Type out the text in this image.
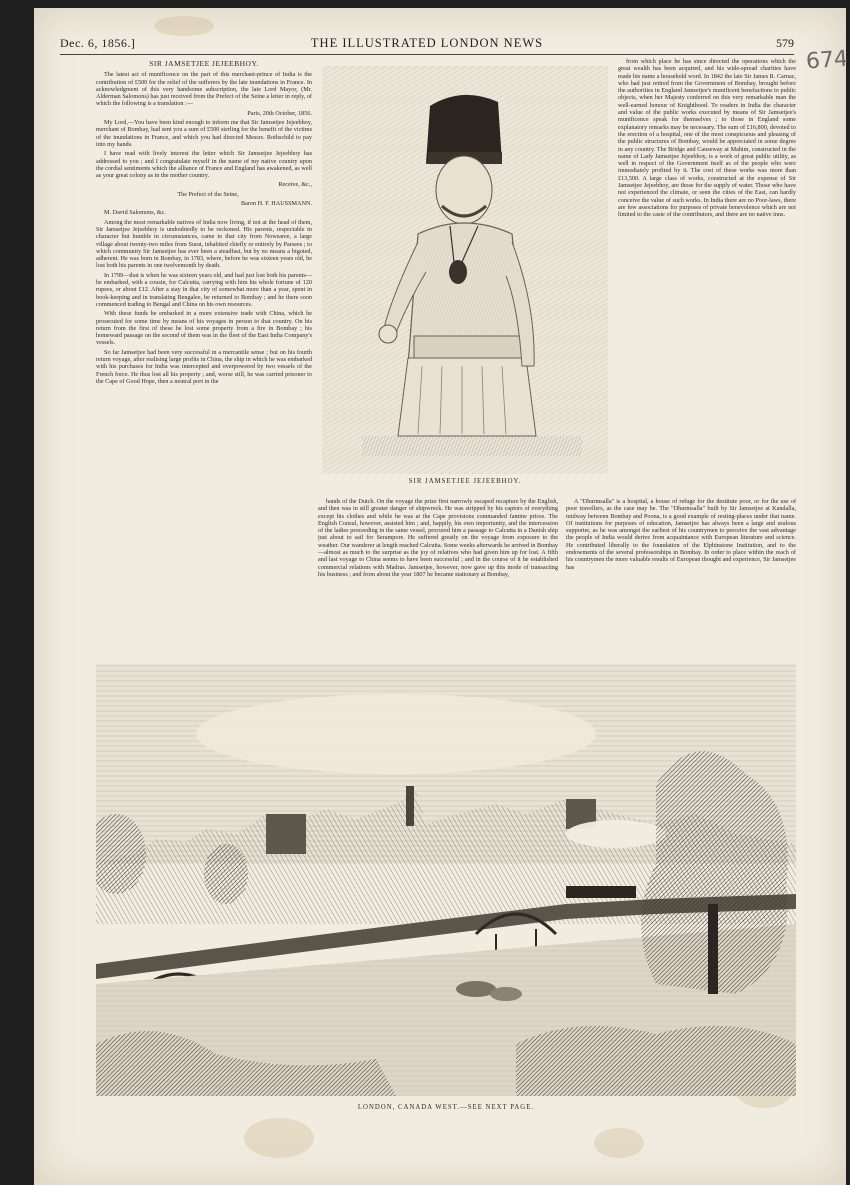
Dec. 6, 1856.]	THE ILLUSTRATED LONDON NEWS	579
674
SIR JAMSETJEE JEJEEBHOY.

The latest act of munificence on the part of this merchant-prince of India is the contribution of £500 for the relief of the sufferers by the late inundations in France. In acknowledgment of this very handsome subscription, the late Lord Mayor, (Mr. Alderman Salomons) has just received from the Prefect of the Seine a letter in reply, of which the following is a translation :—

Paris, 20th October, 1856.

My Lord,—You have been kind enough to inform me that Sir Jamsetjee Jejeebhoy, merchant of Bombay, had sent you a sum of £500 sterling for the benefit of the victims of the inundations in France, and which you had directed Messrs. Rothschild to pay into my hands.

I have read with lively interest the letter which Sir Jamsetjee Jejeebhoy has addressed to you ; and I congratulate myself in the name of my native country upon the cordial sentiments which the alliance of France and England has awakened, as well as your great colony as in the mother country.

Receive, &c.,

The Prefect of the Seine,

Baron H. F. HAUSSMANN.

M. David Salomons, &c.

Among the most remarkable natives of India now living, if not at the head of them, Sir Jamsetjee Jejeebhoy is undoubtedly to be reckoned. His parents, respectable in character but humble in circumstances, came to that city from Nowsaree, a large village about twenty-two miles from Surat, inhabited chiefly or entirely by Parsees ; to which community Sir Jamsetjee has ever been a steadfast, but by no means a bigoted, adherent. He was born in Bombay, in 1783, where, before he was sixteen years old, he lost both his parents in one twelvemonth by death.

In 1799—that is when he was sixteen years old, and had just lost both his parents—he embarked, with a cousin, for Calcutta, carrying with him his whole fortune of 120 rupees, or about £12. After a stay in that city of somewhat more than a year, spent in book-keeping and in translating Bengalee, he returned to Bombay ; and he there soon commenced trading to Bengal and China on his own resources.

With these funds he embarked in a more extensive trade with China, which he prosecuted for some time by means of his voyages in person to that country. On his return from the first of these he lost some property from a fire in Bombay ; his homeward passage on the second of them was in the fleet of the East India Company's vessels.

So far Jamsetjee had been very successful in a mercantile sense ; but on his fourth return voyage, after realising large profits in China, the ship in which he was embarked with his purchases for India was intercepted and overpowered by two vessels of the French force. He thus lost all his property ; and, worse still, he was carried prisoner to the Cape of Good Hope, then a neutral port in the

SIR JAMSETJEE JEJEEBHOY.

from which place he has since directed the operations which the great wealth has been acquired, and his wide-spread charities have made his name a household word. In 1842 the late Sir James R. Carnac, who had just retired from the Government of Bombay, brought before the authorities in England Jamsetjee's munificent benefactions to public objects, when her Majesty conferred on this very remarkable man the well-earned honour of Knighthood. To readers in India the character and value of the public works executed by means of Sir Jamsetjee's munificence speak for themselves ; to those in England some explanatory remarks may be necessary. The sum of £16,800, devoted to the erection of a hospital, one of the most conspicuous and pleasing of the public structures of Bombay, would be appreciated in some degree in any country. The Bridge and Causeway at Mahim, constructed in the name of Lady Jamsetjee Jejeebhoy, is a work of great public utility, as well in respect of the Government itself as of the people who were immediately profited by it. The cost of these works was more than £13,500. A large class of works, constructed at the expense of Sir Jamsetjee Jejeebhoy, are those for the supply of water. Those who have not experienced the climate, or seen the cities of the East, can hardly conceive the value of such works. In India there are no Poor-laws, there are few associations for purposes of private benevolence which are not limited to the caste of the contributors, and there are no native inns.

hands of the Dutch. On the voyage the prize first narrowly escaped recapture by the English, and then was in still greater danger of shipwreck. He was stripped by his captors of everything except his clothes and while he was at the Cape provisions commanded famine prices. The English Consul, however, assisted him ; and, happily, his own importunity, and the intercession of the ladies proceeding in the same vessel, procured him a passage to Calcutta in a Danish ship just about to sail for Serampore. He suffered greatly on the voyage from exposure to the weather. Our wanderer at length reached Calcutta. Some weeks afterwards he arrived in Bombay—almost as much to the surprise as the joy of relatives who had given him up for lost. A fifth and last voyage to China seems to have been successful ; and in the course of it he established commercial relations with Madras. Jamsetjee, however, now gave up this mode of transacting his business ; and from about the year 1807 he became stationary at Bombay,

A "Dhurmsalla" is a hospital, a house of refuge for the destitute poor, or for the use of poor travellers, as the case may be. The "Dhurmsalla" built by Sir Jamsetjee at Kandalla, midway between Bombay and Poona, is a good example of resting-places under that name. Of institutions for purposes of education, Jamsetjee has always been a large and zealous supporter, as he was amongst the earliest of his countrymen to perceive the vast advantage the people of India would derive from acquaintance with European literature and science. He contributed liberally to the foundation of the Elphinstone Institution, and to the endowments of the several professorships in Bombay. In order to place within the reach of his countrymen the more valuable results of European thought and experience, Sir Jamsetjee has

LONDON, CANADA WEST.—SEE NEXT PAGE.
